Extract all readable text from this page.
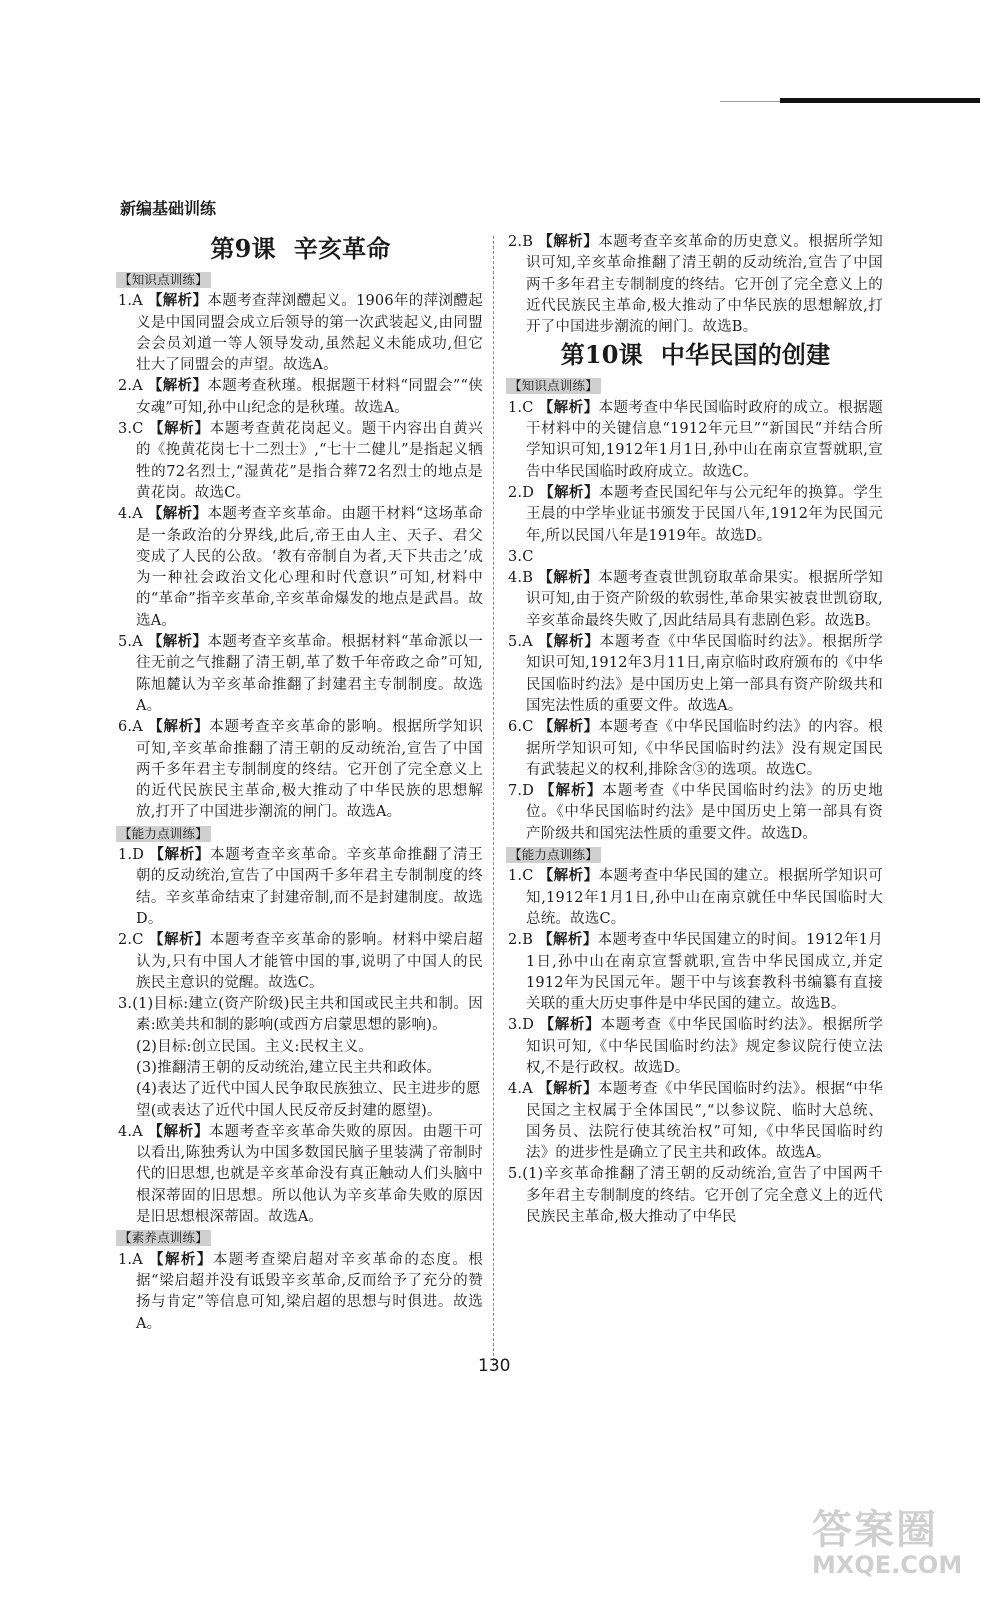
新编基础训练
第9课 辛亥革命
【知识点训练】

1.A 【解析】本题考查萍浏醴起义。1906年的萍浏醴起义是中国同盟会成立后领导的第一次武装起义,由同盟会会员刘道一等人领导发动,虽然起义未能成功,但它壮大了同盟会的声望。故选A。

2.A 【解析】本题考查秋瑾。根据题干材料“同盟会”“侠女魂”可知,孙中山纪念的是秋瑾。故选A。

3.C 【解析】本题考查黄花岗起义。题干内容出自黄兴的《挽黄花岗七十二烈士》,“七十二健儿”是指起义牺牲的72名烈士,“湿黄花”是指合葬72名烈士的地点是黄花岗。故选C。

4.A 【解析】本题考查辛亥革命。由题干材料“这场革命是一条政治的分界线,此后,帝王由人主、天子、君父变成了人民的公敌。‘教有帝制自为者,天下共击之’成为一种社会政治文化心理和时代意识”可知,材料中的“革命”指辛亥革命,辛亥革命爆发的地点是武昌。故选A。

5.A 【解析】本题考查辛亥革命。根据材料“革命派以一往无前之气推翻了清王朝,革了数千年帝政之命”可知,陈旭麓认为辛亥革命推翻了封建君主专制制度。故选A。

6.A 【解析】本题考查辛亥革命的影响。根据所学知识可知,辛亥革命推翻了清王朝的反动统治,宣告了中国两千多年君主专制制度的终结。它开创了完全意义上的近代民族民主革命,极大推动了中华民族的思想解放,打开了中国进步潮流的闸门。故选A。

【能力点训练】

1.D 【解析】本题考查辛亥革命。辛亥革命推翻了清王朝的反动统治,宣告了中国两千多年君主专制制度的终结。辛亥革命结束了封建帝制,而不是封建制度。故选D。

2.C 【解析】本题考查辛亥革命的影响。材料中梁启超认为,只有中国人才能管中国的事,说明了中国人的民族民主意识的觉醒。故选C。

3.(1)目标:建立(资产阶级)民主共和国或民主共和制。因素:欧美共和制的影响(或西方启蒙思想的影响)。

(2)目标:创立民国。主义:民权主义。

(3)推翻清王朝的反动统治,建立民主共和政体。

(4)表达了近代中国人民争取民族独立、民主进步的愿望(或表达了近代中国人民反帝反封建的愿望)。

4.A 【解析】本题考查辛亥革命失败的原因。由题干可以看出,陈独秀认为中国多数国民脑子里装满了帝制时代的旧思想,也就是辛亥革命没有真正触动人们头脑中根深蒂固的旧思想。所以他认为辛亥革命失败的原因是旧思想根深蒂固。故选A。

【素养点训练】

1.A 【解析】本题考查梁启超对辛亥革命的态度。根据“梁启超并没有诋毁辛亥革命,反而给予了充分的赞扬与肯定”等信息可知,梁启超的思想与时俱进。故选A。

2.B 【解析】本题考查辛亥革命的历史意义。根据所学知识可知,辛亥革命推翻了清王朝的反动统治,宣告了中国两千多年君主专制制度的终结。它开创了完全意义上的近代民族民主革命,极大推动了中华民族的思想解放,打开了中国进步潮流的闸门。故选B。

第10课 中华民国的创建
【知识点训练】

1.C 【解析】本题考查中华民国临时政府的成立。根据题干材料中的关键信息“1912年元旦”“新国民”并结合所学知识可知,1912年1月1日,孙中山在南京宣誓就职,宣告中华民国临时政府成立。故选C。

2.D 【解析】本题考查民国纪年与公元纪年的换算。学生王晨的中学毕业证书颁发于民国八年,1912年为民国元年,所以民国八年是1919年。故选D。

3.C

4.B 【解析】本题考查袁世凯窃取革命果实。根据所学知识可知,由于资产阶级的软弱性,革命果实被袁世凯窃取,辛亥革命最终失败了,因此结局具有悲剧色彩。故选B。

5.A 【解析】本题考查《中华民国临时约法》。根据所学知识可知,1912年3月11日,南京临时政府颁布的《中华民国临时约法》是中国历史上第一部具有资产阶级共和国宪法性质的重要文件。故选A。

6.C 【解析】本题考查《中华民国临时约法》的内容。根据所学知识可知,《中华民国临时约法》没有规定国民有武装起义的权利,排除含③的选项。故选C。

7.D 【解析】本题考查《中华民国临时约法》的历史地位。《中华民国临时约法》是中国历史上第一部具有资产阶级共和国宪法性质的重要文件。故选D。

【能力点训练】

1.C 【解析】本题考查中华民国的建立。根据所学知识可知,1912年1月1日,孙中山在南京就任中华民国临时大总统。故选C。

2.B 【解析】本题考查中华民国建立的时间。1912年1月1日,孙中山在南京宣誓就职,宣告中华民国成立,并定1912年为民国元年。题干中与该套教科书编纂有直接关联的重大历史事件是中华民国的建立。故选B。

3.D 【解析】本题考查《中华民国临时约法》。根据所学知识可知,《中华民国临时约法》规定参议院行使立法权,不是行政权。故选D。

4.A 【解析】本题考查《中华民国临时约法》。根据“中华民国之主权属于全体国民”,“以参议院、临时大总统、国务员、法院行使其统治权”可知,《中华民国临时约法》的进步性是确立了民主共和政体。故选A。

5.(1)辛亥革命推翻了清王朝的反动统治,宣告了中国两千多年君主专制制度的终结。它开创了完全意义上的近代民族民主革命,极大推动了中华民

130
答案圈
MXQE.COM
